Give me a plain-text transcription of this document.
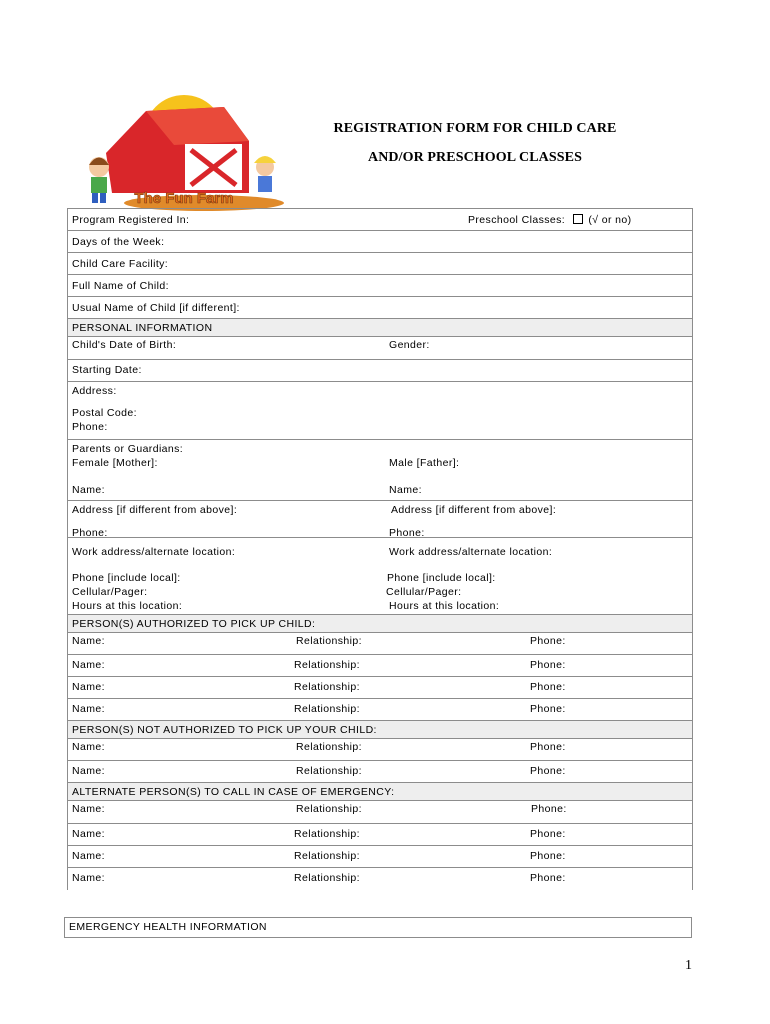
The Fun Farm
REGISTRATION FORM FOR CHILD CARE
AND/OR PRESCHOOL CLASSES
Program Registered In:	Preschool Classes:	(√ or no)
Days of the Week:
Child Care Facility:
Full Name of Child:
Usual Name of Child [if different]:
PERSONAL INFORMATION
Child's Date of Birth:	Gender:
Starting Date:
Address:
Postal Code:
Phone:
Parents or Guardians:
Female [Mother]:	Male [Father]:
Name:	Name:
Address [if different from above]:	Address [if different from above]:
Phone:	Phone:
Work address/alternate location:	Work address/alternate location:
Phone [include local]:	Phone [include local]:
Cellular/Pager:	Cellular/Pager:
Hours at this location:	Hours at this location:
PERSON(S) AUTHORIZED TO PICK UP CHILD:
Name:	Relationship:	Phone:
Name:	Relationship:	Phone:
Name:	Relationship:	Phone:
Name:	Relationship:	Phone:
PERSON(S) NOT AUTHORIZED TO PICK UP YOUR CHILD:
Name:	Relationship:	Phone:
Name:	Relationship:	Phone:
ALTERNATE PERSON(S) TO CALL IN CASE OF EMERGENCY:
Name:	Relationship:	Phone:
Name:	Relationship:	Phone:
Name:	Relationship:	Phone:
Name:	Relationship:	Phone:
EMERGENCY HEALTH INFORMATION
1
